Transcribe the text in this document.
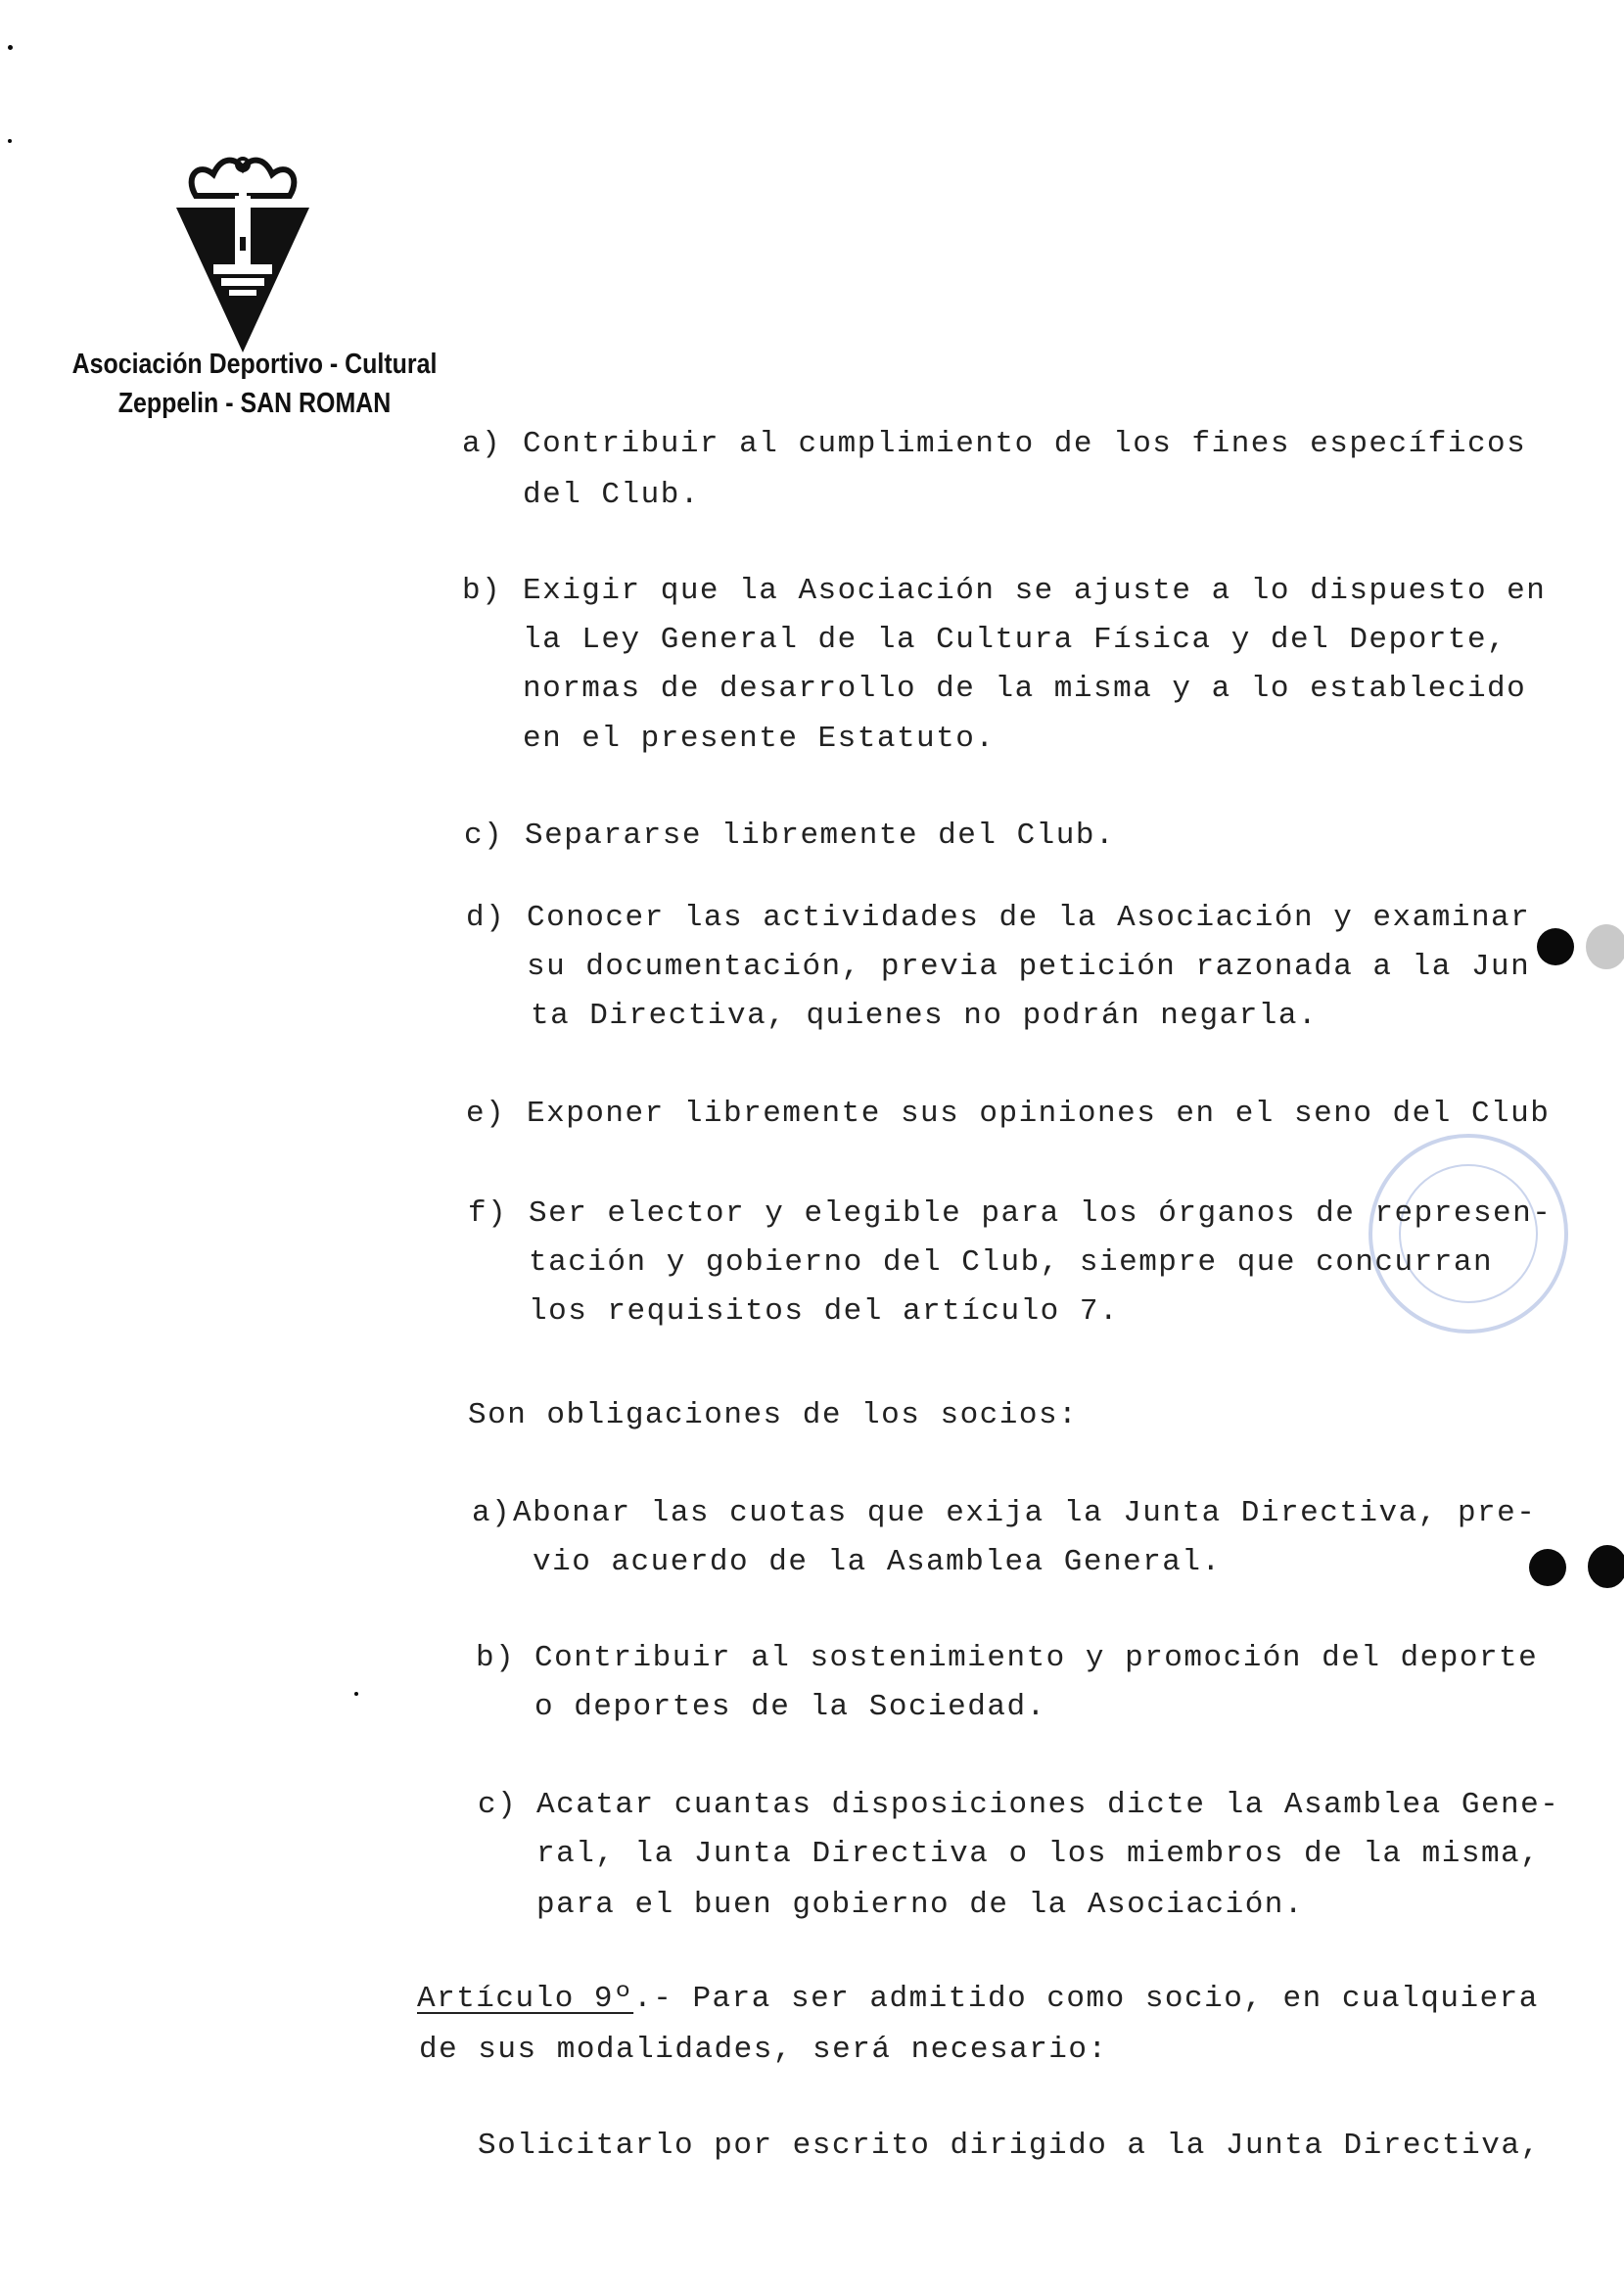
Asociación Deportivo - Cultural
Zeppelin - SAN ROMAN

a) Contribuir al cumplimiento de los fines específicos
del Club.
b) Exigir que la Asociación se ajuste a lo dispuesto en
la Ley General de la Cultura Física y del Deporte,
normas de desarrollo de la misma y a lo establecido
en el presente Estatuto.
c) Separarse libremente del Club.
d) Conocer las actividades de la Asociación y examinar
su documentación, previa petición razonada a la Jun
ta Directiva, quienes no podrán negarla.
e) Exponer libremente sus opiniones en el seno del Club
f) Ser elector y elegible para los órganos de represen-
tación y gobierno del Club, siempre que concurran
los requisitos del artículo 7.
Son obligaciones de los socios:
a) Abonar las cuotas que exija la Junta Directiva, pre-
vio acuerdo de la Asamblea General.
b) Contribuir al sostenimiento y promoción del deporte
o deportes de la Sociedad.
c) Acatar cuantas disposiciones dicte la Asamblea Gene-
ral, la Junta Directiva o los miembros de la misma,
para el buen gobierno de la Asociación.
Artículo 9º.- Para ser admitido como socio, en cualquiera
de sus modalidades, será necesario:
Solicitarlo por escrito dirigido a la Junta Directiva,
